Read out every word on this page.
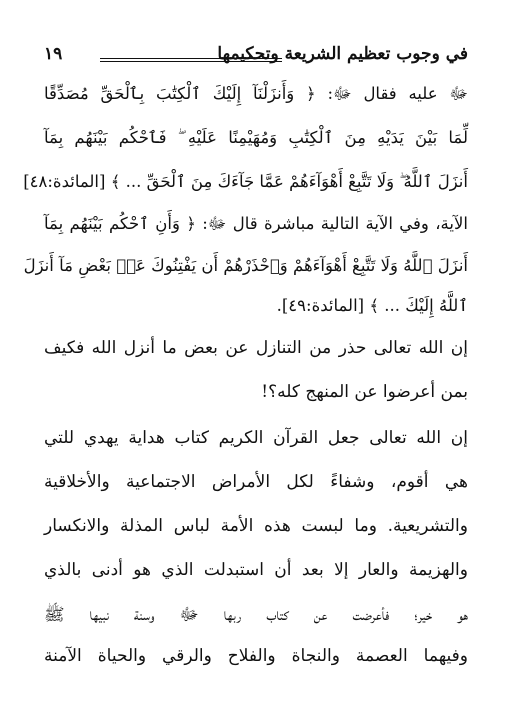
في وجوب تعظيم الشريعة وتحكيمها
١٩
ﷻ عليه فقال ﷻ: ﴿ وَأَنزَلْنَآ إِلَيْكَ ٱلْكِتَٰبَ بِٱلْحَقِّ مُصَدِّقًا
لِّمَا بَيْنَ يَدَيْهِ مِنَ ٱلْكِتَٰبِ وَمُهَيْمِنًا عَلَيْهِ ۖ فَٱحْكُم بَيْنَهُم بِمَآ
أَنزَلَ ٱللَّهُ ۖ وَلَا تَتَّبِعْ أَهْوَآءَهُمْ عَمَّا جَآءَكَ مِنَ ٱلْحَقِّ ... ﴾ [المائدة:٤٨]
الآية، وفي الآية التالية مباشرة قال ﷻ: ﴿ وَأَنِ ٱحْكُم بَيْنَهُم بِمَآ
أَنزَلَ ٱللَّهُ وَلَا تَتَّبِعْ أَهْوَآءَهُمْ وَٱحْذَرْهُمْ أَن يَفْتِنُوكَ عَنۢ بَعْضِ مَآ أَنزَلَ
ٱللَّهُ إِلَيْكَ ... ﴾ [المائدة:٤٩].
إن الله تعالى حذر من التنازل عن بعض ما أنزل الله فكيف
بمن أعرضوا عن المنهج كله؟!
إن الله تعالى جعل القرآن الكريم كتاب هداية يهدي للتي
هي أقوم، وشفاءً لكل الأمراض الاجتماعية والأخلاقية
والتشريعية. وما لبست هذه الأمة لباس المذلة والانكسار
والهزيمة والعار إلا بعد أن استبدلت الذي هو أدنى بالذي
هو خير؛ فأعرضت عن كتاب ربها ﷻ وسنة نبيها ﷺ
وفيهما العصمة والنجاة والفلاح والرقي والحياة الآمنة
